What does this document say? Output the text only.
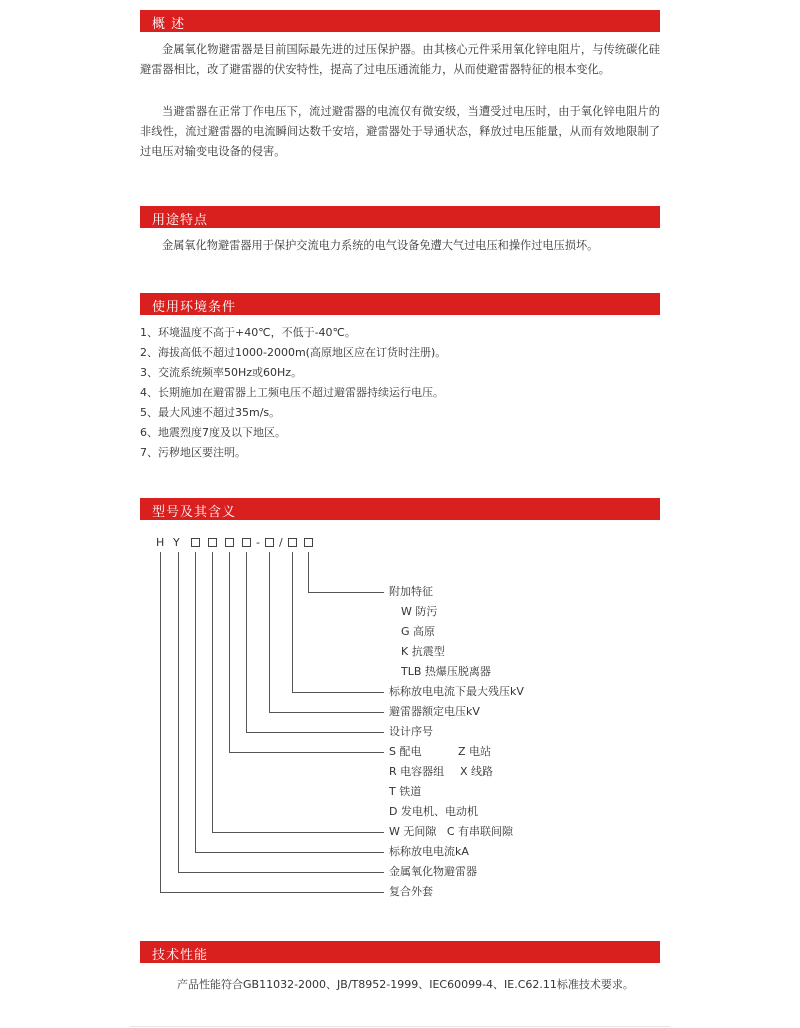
概 述

金属氧化物避雷器是目前国际最先进的过压保护器。由其核心元件采用氧化锌电阻片，与传统碳化硅避雷器相比，改了避雷器的伏安特性，提高了过电压通流能力，从而使避雷器特征的根本变化。

当避雷器在正常丁作电压下，流过避雷器的电流仅有微安级，当遭受过电压时，由于氧化锌电阻片的非线性，流过避雷器的电流瞬间达数千安培，避雷器处于导通状态，释放过电压能量，从而有效地限制了过电压对输变电设备的侵害。

用途特点

金属氧化物避雷器用于保护交流电力系统的电气设备免遭大气过电压和操作过电压损坏。

使用环境条件
1、环境温度不高于+40℃，不低于-40℃。
2、海拔高低不超过1000-2000m(高原地区应在订货时注册)。
3、交流系统频率50Hz或60Hz。
4、长期施加在避雷器上工频电压不超过避雷器持续运行电压。
5、最大风速不超过35m/s。
6、地震烈度7度及以下地区。
7、污秽地区要注明。
型号及其含义
H Y	- /
附加特征
W 防污
G 高原
K 抗震型
TLB 热爆压脱离器
标称放电电流下最大残压kV
避雷器额定电压kV
设计序号
S 配电	Z 电站
R 电容器组 X 线路
T 铁道
D 发电机、电动机
W 无间隙   C 有串联间隙
标称放电电流kA
金属氧化物避雷器
复合外套
技术性能

产品性能符合GB11032-2000、JB/T8952-1999、IEC60099-4、IE.C62.11标准技术要求。
